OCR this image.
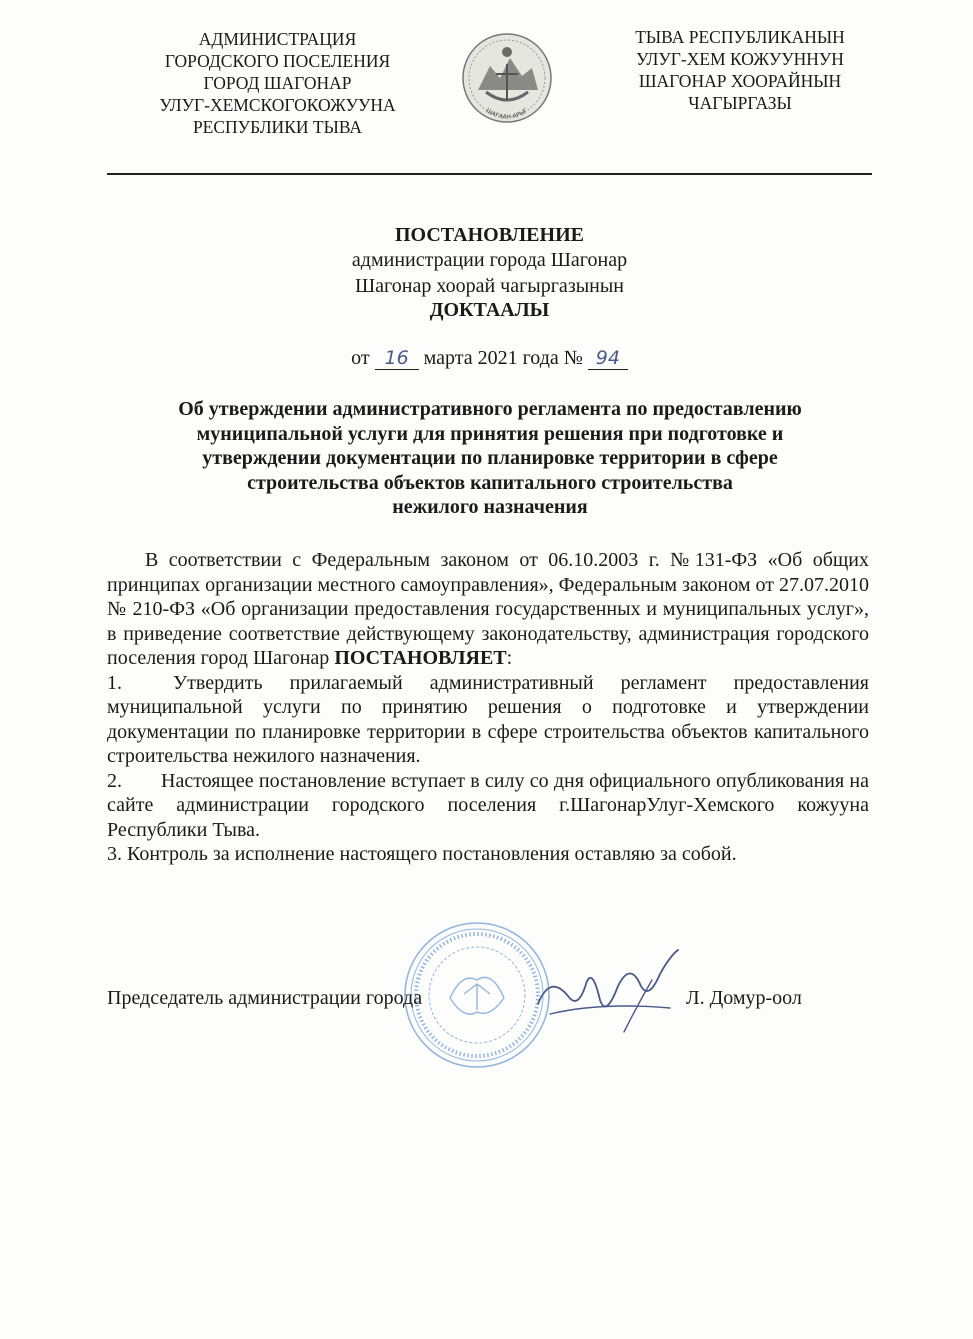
АДМИНИСТРАЦИЯ
ГОРОДСКОГО ПОСЕЛЕНИЯ
ГОРОД ШАГОНАР
УЛУГ-ХЕМСКОГОКОЖУУНА
РЕСПУБЛИКИ ТЫВА
ШАГААН-АРЫГ
ТЫВА РЕСПУБЛИКАНЫН
УЛУГ-ХЕМ КОЖУУННУН
ШАГОНАР ХООРАЙНЫН
ЧАГЫРГАЗЫ
ПОСТАНОВЛЕНИЕ
администрации города Шагонар
Шагонар хоорай чагыргазынын
ДОКТААЛЫ
от 16 марта 2021 года № 94
Об утверждении административного регламента по предоставлению
муниципальной услуги для принятия решения при подготовке и
утверждении документации по планировке территории в сфере
строительства объектов капитального строительства
нежилого назначения

В соответствии с Федеральным законом от 06.10.2003 г. №131-ФЗ «Об общих принципах организации местного самоуправления», Федеральным законом от 27.07.2010 № 210-ФЗ «Об организации предоставления государственных и муниципальных услуг», в приведение соответствие действующему законодательству, администрация городского поселения город Шагонар ПОСТАНОВЛЯЕТ:

1.	Утвердить прилагаемый административный регламент предоставления муниципальной услуги по принятию решения о подготовке и утверждении документации по планировке территории в сфере строительства объектов капитального строительства нежилого назначения.

2. Настоящее постановление вступает в силу со дня официального опубликования на сайте администрации городского поселения г.ШагонарУлуг-Хемского кожууна Республики Тыва.

3. Контроль за исполнение настоящего постановления оставляю за собой.

Председатель администрации города	Л. Домур-оол
